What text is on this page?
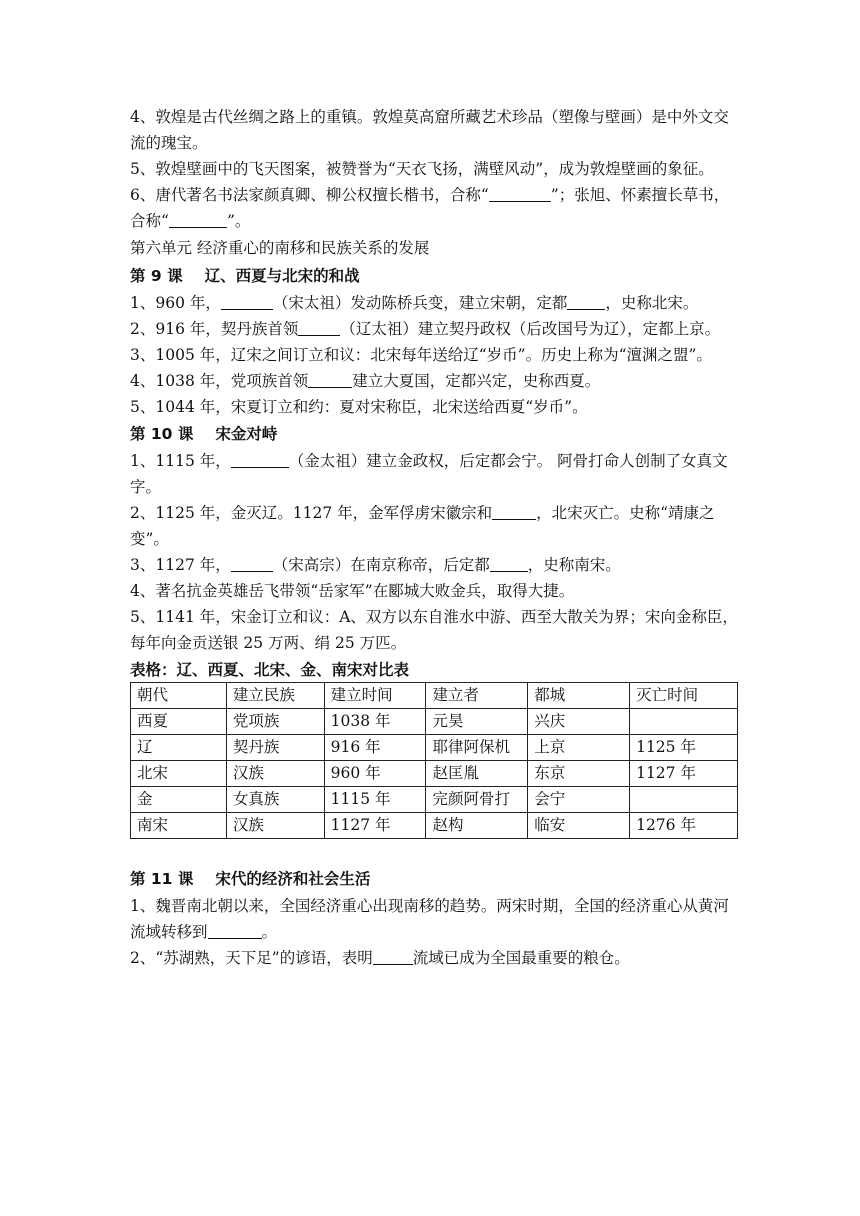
4、敦煌是古代丝绸之路上的重镇。敦煌莫高窟所藏艺术珍品（塑像与壁画）是中外文交流的瑰宝。

5、敦煌壁画中的飞天图案，被赞誉为“天衣飞扬，满壁风动”，成为敦煌壁画的象征。

6、唐代著名书法家颜真卿、柳公权擅长楷书，合称“	”；张旭、怀素擅长草书，合称“	”。

第六单元 经济重心的南移和民族关系的发展

第 9 课 辽、西夏与北宋的和战

1、960 年，	（宋太祖）发动陈桥兵变，建立宋朝，定都 ，史称北宋。

2、916 年，契丹族首领	（辽太祖）建立契丹政权（后改国号为辽），定都上京。

3、1005 年，辽宋之间订立和议：北宋每年送给辽“岁币”。历史上称为“澶渊之盟”。

4、1038 年，党项族首领	建立大夏国，定都兴定，史称西夏。

5、1044 年，宋夏订立和约：夏对宋称臣，北宋送给西夏“岁币”。

第 10 课 宋金对峙

1、1115 年，	（金太祖）建立金政权，后定都会宁。 阿骨打命人创制了女真文字。

2、1125 年，金灭辽。1127 年，金军俘虏宋徽宗和	，北宋灭亡。史称“靖康之变”。

3、1127 年，	（宋高宗）在南京称帝，后定都 ，史称南宋。

4、著名抗金英雄岳飞带领“岳家军”在郾城大败金兵，取得大捷。

5、1141 年，宋金订立和议：A、双方以东自淮水中游、西至大散关为界；宋向金称臣，每年向金贡送银 25 万两、绢 25 万匹。

表格：辽、西夏、北宋、金、南宋对比表

朝代	建立民族	建立时间	建立者	都城	灭亡时间
西夏	党项族	1038 年	元昊	兴庆	
辽	契丹族	916 年	耶律阿保机	上京	1125 年
北宋	汉族	960 年	赵匡胤	东京	1127 年
金	女真族	1115 年	完颜阿骨打	会宁	
南宋	汉族	1127 年	赵构	临安	1276 年

第 11 课 宋代的经济和社会生活

1、魏晋南北朝以来，全国经济重心出现南移的趋势。两宋时期，全国的经济重心从黄河流域转移到	。

2、“苏湖熟，天下足”的谚语，表明	流域已成为全国最重要的粮仓。
